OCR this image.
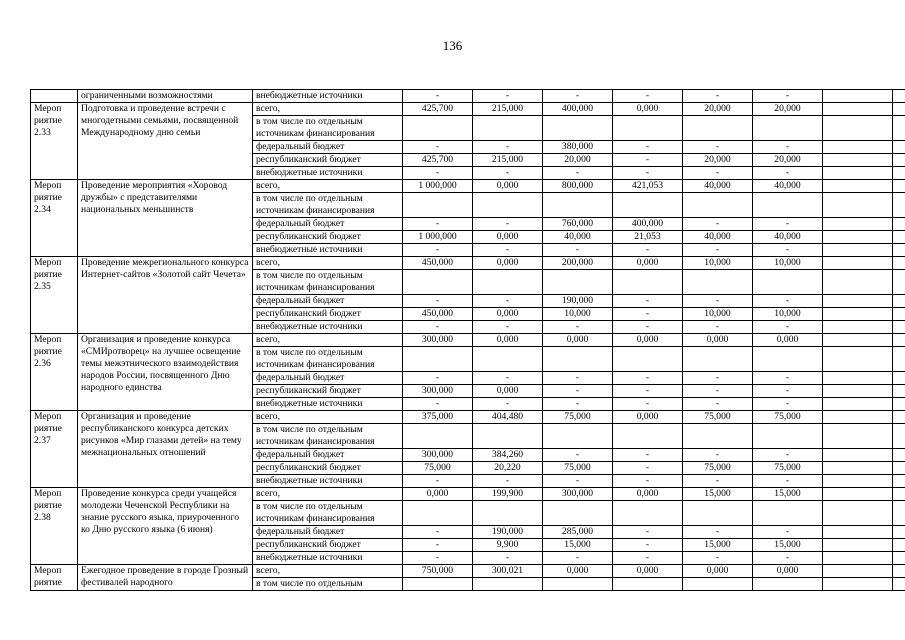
136
	ограниченными возможностями	внебюджетные источники	-	-	-	-	-	-		
Мероп риятие 2.33	Подготовка и проведение встречи с многодетными семьями, посвященной Международному дню семьи	всего,	425,700	215,000	400,000	0,000	20,000	20,000		
		в том числе по отдельным источникам финансирования								
		федеральный бюджет	-	-	380,000	-	-	-		
		республиканский бюджет	425,700	215,000	20,000	-	20,000	20,000		
		внебюджетные источники	-	-	-	-	-	-		
Мероп риятие 2.34	Проведение мероприятия «Хоровод дружбы» с представителями национальных меньшинств	всего,	1 000,000	0,000	800,000	421,053	40,000	40,000		
		в том числе по отдельным источникам финансирования								
		федеральный бюджет	-	-	760,000	400,000	-	-		
		республиканский бюджет	1 000,000	0,000	40,000	21,053	40,000	40,000		
		внебюджетные источники	-	-	-	-	-	-		
Мероп риятие 2.35	Проведение межрегионального конкурса Интернет-сайтов «Золотой сайт Чечета»	всего,	450,000	0,000	200,000	0,000	10,000	10,000		
		в том числе по отдельным источникам финансирования								
		федеральный бюджет	-	-	190,000	-	-	-		
		республиканский бюджет	450,000	0,000	10,000	-	10,000	10,000		
		внебюджетные источники	-	-	-	-	-	-		
Мероп риятие 2.36	Организация и проведение конкурса «СМИротворец» на лучшее освещение темы межэтнического взаимодействия народов России, посвященного Дню народного единства	всего,	300,000	0,000	0,000	0,000	0,000	0,000		
		в том числе по отдельным источникам финансирования								
		федеральный бюджет	-	-	-	-	-	-		
		республиканский бюджет	300,000	0,000	-	-	-	-		
		внебюджетные источники	-	-	-	-	-	-		
Мероп риятие 2.37	Организация и проведение республиканского конкурса детских рисунков «Мир глазами детей» на тему межнациональных отношений	всего,	375,000	404,480	75,000	0,000	75,000	75,000		
		в том числе по отдельным источникам финансирования								
		федеральный бюджет	300,000	384,260	-	-	-	-		
		республиканский бюджет	75,000	20,220	75,000	-	75,000	75,000		
		внебюджетные источники	-	-	-	-	-	-		
Мероп риятие 2.38	Проведение конкурса среди учащейся молодежи Чеченской Республики на знание русского языка, приуроченного ко Дню русского языка (6 июня)	всего,	0,000	199,900	300,000	0,000	15,000	15,000		
		в том числе по отдельным источникам финансирования								
		федеральный бюджет	-	190,000	285,000	-	-	-		
		республиканский бюджет	-	9,900	15,000	-	15,000	15,000		
		внебюджетные источники	-	-	-	-	-	-		
Мероп риятие	Ежегодное проведение в городе Грозный фестивалей народного	всего,	750,000	300,021	0,000	0,000	0,000	0,000		
		в том числе по отдельным								
